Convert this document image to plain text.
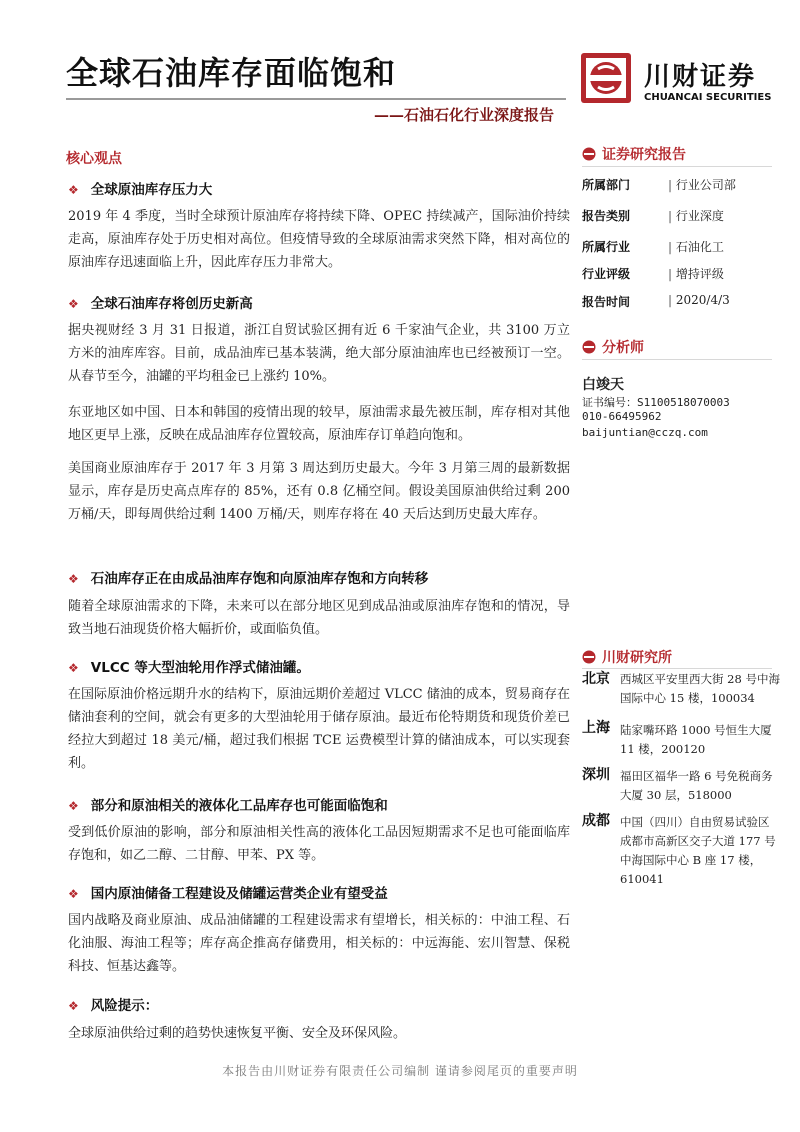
全球石油库存面临饱和	川财证券
CHUANCAI SECURITIES
——石油石化行业深度报告
核心观点
❖ 全球原油库存压力大
2019 年 4 季度，当时全球预计原油库存将持续下降、OPEC 持续减产，国际油价持续走高，原油库存处于历史相对高位。但疫情导致的全球原油需求突然下降，相对高位的原油库存迅速面临上升，因此库存压力非常大。
❖ 全球石油库存将创历史新高
据央视财经 3 月 31 日报道，浙江自贸试验区拥有近 6 千家油气企业，共 3100 万立方米的油库库容。目前，成品油库已基本装满，绝大部分原油油库也已经被预订一空。从春节至今，油罐的平均租金已上涨约 10%。
东亚地区如中国、日本和韩国的疫情出现的较早，原油需求最先被压制，库存相对其他地区更早上涨，反映在成品油库存位置较高，原油库存订单趋向饱和。
美国商业原油库存于 2017 年 3 月第 3 周达到历史最大。今年 3 月第三周的最新数据显示，库存是历史高点库存的 85%，还有 0.8 亿桶空间。假设美国原油供给过剩 200 万桶/天，即每周供给过剩 1400 万桶/天，则库存将在 40 天后达到历史最大库存。
❖ 石油库存正在由成品油库存饱和向原油库存饱和方向转移
随着全球原油需求的下降，未来可以在部分地区见到成品油或原油库存饱和的情况，导致当地石油现货价格大幅折价，或面临负值。
❖ VLCC 等大型油轮用作浮式储油罐。
在国际原油价格远期升水的结构下，原油远期价差超过 VLCC 储油的成本，贸易商存在储油套利的空间，就会有更多的大型油轮用于储存原油。最近布伦特期货和现货价差已经拉大到超过 18 美元/桶，超过我们根据 TCE 运费模型计算的储油成本，可以实现套利。
❖ 部分和原油相关的液体化工品库存也可能面临饱和
受到低价原油的影响，部分和原油相关性高的液体化工品因短期需求不足也可能面临库存饱和，如乙二醇、二甘醇、甲苯、PX 等。
❖ 国内原油储备工程建设及储罐运营类企业有望受益
国内战略及商业原油、成品油储罐的工程建设需求有望增长，相关标的：中油工程、石化油服、海油工程等；库存高企推高存储费用，相关标的：中远海能、宏川智慧、保税科技、恒基达鑫等。
❖ 风险提示：
全球原油供给过剩的趋势快速恢复平衡、安全及环保风险。
证券研究报告
所属部门	| 行业公司部
报告类别	| 行业深度
所属行业	| 石油化工
行业评级	| 增持评级
报告时间	| 2020/4/3
分析师
白竣天
证书编号：S1100518070003
010-66495962
baijuntian@cczq.com
川财研究所
北京 西城区平安里西大街 28 号中海国际中心 15 楼，100034
上海 陆家嘴环路 1000 号恒生大厦 11 楼，200120
深圳 福田区福华一路 6 号免税商务大厦 30 层，518000
成都 中国（四川）自由贸易试验区成都市高新区交子大道 177 号中海国际中心 B 座 17 楼，610041
本报告由川财证券有限责任公司编制 谨请参阅尾页的重要声明
